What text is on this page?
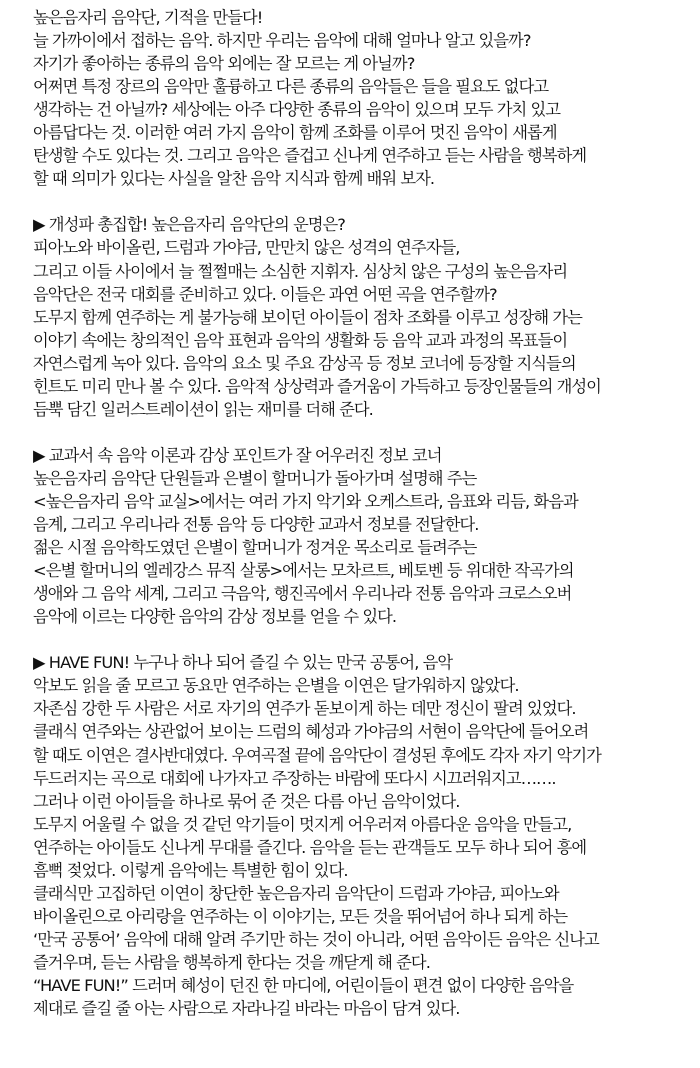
높은음자리 음악단, 기적을 만들다!
늘 가까이에서 접하는 음악. 하지만 우리는 음악에 대해 얼마나 알고 있을까?
자기가 좋아하는 종류의 음악 외에는 잘 모르는 게 아닐까?
어쩌면 특정 장르의 음악만 훌륭하고 다른 종류의 음악들은 들을 필요도 없다고
생각하는 건 아닐까? 세상에는 아주 다양한 종류의 음악이 있으며 모두 가치 있고
아름답다는 것. 이러한 여러 가지 음악이 함께 조화를 이루어 멋진 음악이 새롭게
탄생할 수도 있다는 것. 그리고 음악은 즐겁고 신나게 연주하고 듣는 사람을 행복하게
할 때 의미가 있다는 사실을 알찬 음악 지식과 함께 배워 보자.
▶ 개성파 총집합! 높은음자리 음악단의 운명은?
피아노와 바이올린, 드럼과 가야금, 만만치 않은 성격의 연주자들,
그리고 이들 사이에서 늘 쩔쩔매는 소심한 지휘자. 심상치 않은 구성의 높은음자리
음악단은 전국 대회를 준비하고 있다. 이들은 과연 어떤 곡을 연주할까?
도무지 함께 연주하는 게 불가능해 보이던 아이들이 점차 조화를 이루고 성장해 가는
이야기 속에는 창의적인 음악 표현과 음악의 생활화 등 음악 교과 과정의 목표들이
자연스럽게 녹아 있다. 음악의 요소 및 주요 감상곡 등 정보 코너에 등장할 지식들의
힌트도 미리 만나 볼 수 있다. 음악적 상상력과 즐거움이 가득하고 등장인물들의 개성이
듬뿍 담긴 일러스트레이션이 읽는 재미를 더해 준다.
▶ 교과서 속 음악 이론과 감상 포인트가 잘 어우러진 정보 코너
높은음자리 음악단 단원들과 은별이 할머니가 돌아가며 설명해 주는
<높은음자리 음악 교실>에서는 여러 가지 악기와 오케스트라, 음표와 리듬, 화음과
음계, 그리고 우리나라 전통 음악 등 다양한 교과서 정보를 전달한다.
젊은 시절 음악학도였던 은별이 할머니가 정겨운 목소리로 들려주는
<은별 할머니의 엘레강스 뮤직 살롱>에서는 모차르트, 베토벤 등 위대한 작곡가의
생애와 그 음악 세계, 그리고 극음악, 행진곡에서 우리나라 전통 음악과 크로스오버
음악에 이르는 다양한 음악의 감상 정보를 얻을 수 있다.
▶ HAVE FUN! 누구나 하나 되어 즐길 수 있는 만국 공통어, 음악
악보도 읽을 줄 모르고 동요만 연주하는 은별을 이연은 달가워하지 않았다.
자존심 강한 두 사람은 서로 자기의 연주가 돋보이게 하는 데만 정신이 팔려 있었다.
클래식 연주와는 상관없어 보이는 드럼의 혜성과 가야금의 서현이 음악단에 들어오려
할 때도 이연은 결사반대였다. 우여곡절 끝에 음악단이 결성된 후에도 각자 자기 악기가
두드러지는 곡으로 대회에 나가자고 주장하는 바람에 또다시 시끄러워지고…….
그러나 이런 아이들을 하나로 묶어 준 것은 다름 아닌 음악이었다.
도무지 어울릴 수 없을 것 같던 악기들이 멋지게 어우러져 아름다운 음악을 만들고,
연주하는 아이들도 신나게 무대를 즐긴다. 음악을 듣는 관객들도 모두 하나 되어 흥에
흠뻑 젖었다. 이렇게 음악에는 특별한 힘이 있다.
클래식만 고집하던 이연이 창단한 높은음자리 음악단이 드럼과 가야금, 피아노와
바이올린으로 아리랑을 연주하는 이 이야기는, 모든 것을 뛰어넘어 하나 되게 하는
‘만국 공통어’ 음악에 대해 알려 주기만 하는 것이 아니라, 어떤 음악이든 음악은 신나고
즐거우며, 듣는 사람을 행복하게 한다는 것을 깨닫게 해 준다.
“HAVE FUN!” 드러머 혜성이 던진 한 마디에, 어린이들이 편견 없이 다양한 음악을
제대로 즐길 줄 아는 사람으로 자라나길 바라는 마음이 담겨 있다.
